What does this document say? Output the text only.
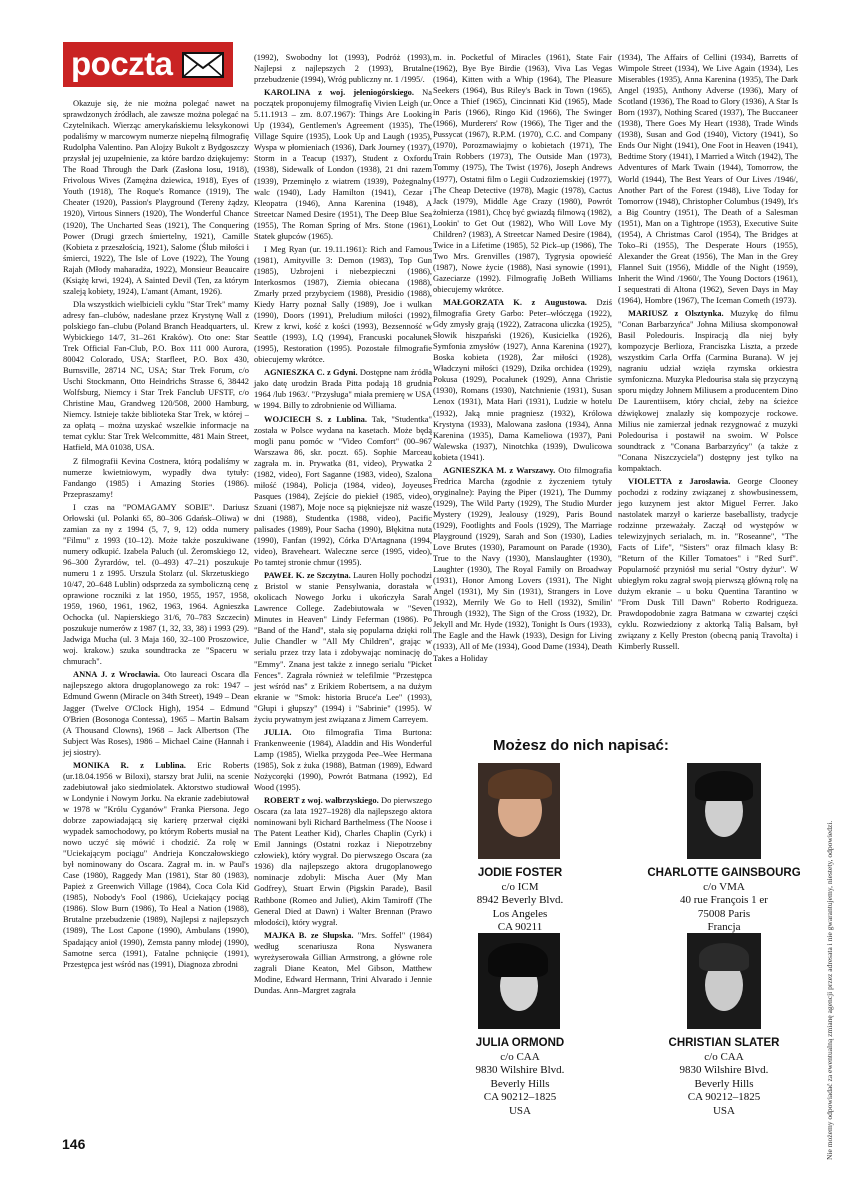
poczta

Okazuje się, że nie można polegać nawet na sprawdzonych źródłach, ale zawsze można polegać na Czytelnikach. Wierząc amerykańskiemu leksykonowi podaliśmy w marcowym numerze niepełną filmografię Rudolpha Valentino. Pan Alojzy Bukolt z Bydgoszczy przysłał jej uzupełnienie, za które bardzo dziękujemy: The Road Through the Dark (Zasłona losu, 1918), Frivolous Wives (Zamężna dziewica, 1918), Eyes of Youth (1918), The Roque's Romance (1919), The Cheater (1920), Passion's Playground (Tereny żądzy, 1920), Virtous Sinners (1920), The Wonderful Chance (1920), The Uncharted Seas (1921), The Conquering Power (Drugi grzech śmiertelny, 1921), Camille (Kobieta z przeszłością, 1921), Salome (Ślub miłości i śmierci, 1922), The Isle of Love (1922), The Young Rajah (Młody maharadża, 1922), Monsieur Beaucaire (Książę krwi, 1924), A Sainted Devil (Ten, za którym szaleją kobiety, 1924), L'amant (Amant, 1926).

Dla wszystkich wielbicieli cyklu "Star Trek" mamy adresy fan–clubów, nadesłane przez Krystynę Wall z polskiego fan–clubu (Poland Branch Headquarters, ul. Wybickiego 14/7, 31–261 Kraków). Oto one: Star Trek Official Fan-Club, P.O. Box 111 000 Aurora, 80042 Colorado, USA; Starfleet, P.O. Box 430, Burnsville, 28714 NC, USA; Star Trek Forum, c/o Uschi Stockmann, Otto Heindrichs Strasse 6, 38442 Wolfsburg, Niemcy i Star Trek Fanclub UFSTF, c/o Christine Mau, Grandweg 120/508, 2000 Hamburg, Niemcy. Istnieje także biblioteka Star Trek, w której – za opłatą – można uzyskać wszelkie informacje na temat cyklu: Star Trek Welcommitte, 481 Main Street, Hatfield, MA 01038, USA.

Z filmografii Kevina Costnera, którą podaliśmy w numerze kwietniowym, wypadły dwa tytuły: Fandango (1985) i Amazing Stories (1986). Przepraszamy!

I czas na "POMAGAMY SOBIE". Dariusz Orłowski (ul. Polanki 65, 80–306 Gdańsk–Oliwa) w zamian za ny z 1994 (5, 7, 9, 12) odda numery "Filmu" z 1993 (10–12). Może także poszukiwane numery odkupić. Izabela Paluch (ul. Żeromskiego 12, 96–300 Żyrardów, tel. (0–493) 47–21) poszukuje numeru 1 z 1995. Urszula Stolarz (ul. Skrzetuskiego 10/47, 20–648 Lublin) odsprzeda za symboliczną cenę oprawione roczniki z lat 1950, 1955, 1957, 1958, 1959, 1960, 1961, 1962, 1963, 1964. Agnieszka Ochocka (ul. Napierskiego 31/6, 70–783 Szczecin) poszukuje numerów z 1987 (1, 32, 33, 38) i 1993 (29). Jadwiga Mucha (ul. 3 Maja 160, 32–100 Proszowice, woj. krakow.) szuka soundtracka ze "Spaceru w chmurach".

ANNA J. z Wrocławia. Oto laureaci Oscara dla najlepszego aktora drugoplanowego za rok: 1947 – Edmund Gwenn (Miracle on 34th Street), 1949 – Dean Jagger (Twelve O'Clock High), 1954 – Edmund O'Brien (Bosonoga Contessa), 1965 – Martin Balsam (A Thousand Clowns), 1968 – Jack Albertson (The Subject Was Roses), 1986 – Michael Caine (Hannah i jej siostry).

MONIKA R. z Lublina. Eric Roberts (ur.18.04.1956 w Biloxi), starszy brat Julii, na scenie zadebiutował jako siedmiolatek. Aktorstwo studiował w Londynie i Nowym Jorku. Na ekranie zadebiutował w 1978 w "Królu Cyganów" Franka Piersona. Jego dobrze zapowiadającą się karierę przerwał ciężki wypadek samochodowy, po którym Roberts musiał na nowo uczyć się mówić i chodzić. Za rolę w "Uciekającym pociągu" Andrieja Konczałowskiego był nominowany do Oscara. Zagrał m. in. w Paul's Case (1980), Raggedy Man (1981), Star 80 (1983), Papież z Greenwich Village (1984), Coca Cola Kid (1985), Nobody's Fool (1986), Uciekający pociąg (1986). Slow Burn (1986), To Heal a Nation (1988), Brutalne przebudzenie (1989), Najlepsi z najlepszych (1989), The Lost Capone (1990), Ambulans (1990), Spadający anioł (1990), Zemsta panny młodej (1990), Samotne serca (1991), Fatalne pchnięcie (1991), Przestępca jest wśród nas (1991), Diagnoza zbrodni

(1992), Swobodny lot (1993), Podróż (1993), Najlepsi z najlepszych 2 (1993), Brutalne przebudzenie (1994), Wróg publiczny nr. 1 /1995/.

KAROLINA z woj. jeleniogórskiego. Na początek proponujemy filmografię Vivien Leigh (ur. 5.11.1913 – zm. 8.07.1967): Things Are Looking Up (1934), Gentlemen's Agreement (1935), The Village Squire (1935), Look Up and Laugh (1935), Wyspa w płomieniach (1936), Dark Journey (1937), Storm in a Teacup (1937), Student z Oxfordu (1938), Sidewalk of London (1938), 21 dni razem (1939), Przeminęło z wiatrem (1939), Pożegnalny walc (1940), Lady Hamilton (1941), Cezar i Kleopatra (1946), Anna Karenina (1948), A Streetcar Named Desire (1951), The Deep Blue Sea (1955), The Roman Spring of Mrs. Stone (1961), Statek głupców (1965).

I Meg Ryan (ur. 19.11.1961): Rich and Famous (1981), Amityville 3: Demon (1983), Top Gun (1985), Uzbrojeni i niebezpieczni (1986), Interkosmos (1987), Ziemia obiecana (1988), Zmarły przed przybyciem (1988), Presidio (1988), Kiedy Harry poznał Sally (1989), Joe i wulkan (1990), Doors (1991), Preludium miłości (1992), Krew z krwi, kość z kości (1993), Bezsenność w Seattle (1993), I.Q (1994), Francuski pocałunek (1995), Restoration (1995). Pozostałe filmografie obiecujemy wkrótce.

AGNIESZKA C. z Gdyni. Dostępne nam źródła jako datę urodzin Brada Pitta podają 18 grudnia 1964 /lub 1963/. "Przysługa" miała premierę w USA w 1994. Billy to zdrobnienie od Williama.

WOJCIECH S. z Lublina. Tak, "Studentka" została w Polsce wydana na kasetach. Może będą mogli panu pomóc w "Video Comfort" (00–967 Warszawa 86, skr. poczt. 65). Sophie Marceau zagrała m. in. Prywatka (81, video), Prywatka 2 (1982, video), Fort Saganne (1983, video), Szalona miłość (1984), Policja (1984, video), Joyeuses Pasques (1984), Zejście do piekieł (1985, video), Szuani (1987), Moje noce są piękniejsze niż wasze dni (1988), Studentka (1988, video), Pacific palisades (1989), Pour Sacha (1990), Błękitna nuta (1990), Fanfan (1992), Córka D'Artagnana (1994, video), Braveheart. Waleczne serce (1995, video), Po tamtej stronie chmur (1995).

PAWEŁ K. ze Szczytna. Lauren Holly pochodzi z Bristol w stanie Pensylwania, dorastała w okolicach Nowego Jorku i ukończyła Sarah Lawrence College. Zadebiutowała w "Seven Minutes in Heaven" Lindy Feferman (1986). Po "Band of the Hand", stała się popularna dzięki roli Julie Chandler w "All My Children", grając w serialu przez trzy lata i zdobywając nominację do "Emmy". Znana jest także z innego serialu "Picket Fences". Zagrała również w telefilmie "Przestępca jest wśród nas" z Erikiem Robertsem, a na dużym ekranie w "Smok: historia Bruce'a Lee" (1993), "Głupi i głupszy" (1994) i "Sabrinie" (1995). W życiu prywatnym jest związana z Jimem Carreyem.

JULIA. Oto filmografia Tima Burtona: Frankenweenie (1984), Aladdin and His Wonderful Lamp (1985), Wielka przygoda Pee–Wee Hermana (1985), Sok z żuka (1988), Batman (1989), Edward Nożycoręki (1990), Powrót Batmana (1992), Ed Wood (1995).

ROBERT z woj. wałbrzyskiego. Do pierwszego Oscara (za lata 1927–1928) dla najlepszego aktora nominowani byli Richard Barthelmess (The Noose i The Patent Leather Kid), Charles Chaplin (Cyrk) i Emil Jannings (Ostatni rozkaz i Niepotrzebny człowiek), który wygrał. Do pierwszego Oscara (za 1936) dla najlepszego aktora drugoplanowego nominacje zdobyli: Mischa Auer (My Man Godfrey), Stuart Erwin (Pigskin Parade), Basil Rathbone (Romeo and Juliet), Akim Tamiroff (The General Died at Dawn) i Walter Brennan (Prawo młodości), który wygrał.

MAJKA B. ze Słupska. "Mrs. Soffel" (1984) według scenariusza Rona Nyswanera wyreżyserowała Gillian Armstrong, a główne role zagrali Diane Keaton, Mel Gibson, Matthew Modine, Edward Hermann, Trini Alvarado i Jennie Dundas. Ann–Margret zagrała

m. in. Pocketful of Miracles (1961), State Fair (1962), Bye Bye Birdie (1963), Viva Las Vegas (1964), Kitten with a Whip (1964), The Pleasure Seekers (1964), Bus Riley's Back in Town (1965), Once a Thief (1965), Cincinnati Kid (1965), Made in Paris (1966), Ringo Kid (1966), The Swinger (1966), Murderers' Row (1966), The Tiger and the Pussycat (1967), R.P.M. (1970), C.C. and Company (1970), Porozmawiajmy o kobietach (1971), The Train Robbers (1973), The Outside Man (1973), Tommy (1975), The Twist (1976), Joseph Andrews (1977), Ostatni film o Legii Cudzoziemskiej (1977), The Cheap Detective (1978), Magic (1978), Cactus Jack (1979), Middle Age Crazy (1980), Powrót żołnierza (1981), Chcę być gwiazdą filmową (1982), Lookin' to Get Out (1982), Who Will Love My Children? (1983), A Streetcar Named Desire (1984), Twice in a Lifetime (1985), 52 Pick–up (1986), The Two Mrs. Grenvilles (1987), Tygrysia opowieść (1987), Nowe życie (1988), Nasi synowie (1991), Gazeciarze (1992). Filmografię JoBeth Williams obiecujemy wkrótce.

MAŁGORZATA K. z Augustowa. Dziś filmografia Grety Garbo: Peter–włóczęga (1922), Gdy zmysły grają (1922), Zatracona uliczka (1925), Słowik hiszpański (1926), Kusicielka (1926), Symfonia zmysłów (1927), Anna Karenina (1927), Boska kobieta (1928), Żar miłości (1928), Władczyni miłości (1929), Dzika orchidea (1929), Pokusa (1929), Pocałunek (1929), Anna Christie (1930), Romans (1930), Natchnienie (1931), Susan Lenox (1931), Mata Hari (1931), Ludzie w hotelu (1932), Jaką mnie pragniesz (1932), Królowa Krystyna (1933), Malowana zasłona (1934), Anna Karenina (1935), Dama Kameliowa (1937), Pani Walewska (1937), Ninotchka (1939), Dwulicowa kobieta (1941).

AGNIESZKA M. z Warszawy. Oto filmografia Fredrica Marcha (zgodnie z życzeniem tytuły oryginalne): Paying the Piper (1921), The Dummy (1929), The Wild Party (1929), The Studio Murder Mystery (1929), Jealousy (1929), Paris Bound (1929), Footlights and Fools (1929), The Marriage Playground (1929), Sarah and Son (1930), Ladies Love Brutes (1930), Paramount on Parade (1930), True to the Navy (1930), Manslaughter (1930), Laughter (1930), The Royal Family on Broadway (1931), Honor Among Lovers (1931), The Night Angel (1931), My Sin (1931), Strangers in Love (1932), Merrily We Go to Hell (1932), Smilin' Through (1932), The Sign of the Cross (1932), Dr. Jekyll and Mr. Hyde (1932), Tonight Is Ours (1933), The Eagle and the Hawk (1933), Design for Living (1933), All of Me (1934), Good Dame (1934), Death Takes a Holiday

(1934), The Affairs of Cellini (1934), Barretts of Wimpole Street (1934), We Live Again (1934), Les Miserables (1935), Anna Karenina (1935), The Dark Angel (1935), Anthony Adverse (1936), Mary of Scotland (1936), The Road to Glory (1936), A Star Is Born (1937), Nothing Scared (1937), The Buccaneer (1938), There Goes My Heart (1938), Trade Winds (1938), Susan and God (1940), Victory (1941), So Ends Our Night (1941), One Foot in Heaven (1941), Bedtime Story (1941), I Married a Witch (1942), The Adventures of Mark Twain (1944), Tomorrow, the World (1944), The Best Years of Our Lives /1946/, Another Part of the Forest (1948), Live Today for Tomorrow (1948), Christopher Columbus (1949), It's a Big Country (1951), The Death of a Salesman (1951), Man on a Tightrope (1953), Executive Suite (1954), A Christmas Carol (1954), The Bridges at Toko–Ri (1955), The Desperate Hours (1955), Alexander the Great (1956), The Man in the Grey Flannel Suit (1956), Middle of the Night (1959), Inherit the Wind /1960/, The Young Doctors (1961), I sequestrati di Altona (1962), Seven Days in May (1964), Hombre (1967), The Iceman Cometh (1973).

MARIUSZ z Olsztynka. Muzykę do filmu "Conan Barbarzyńca" Johna Miliusa skomponował Basil Poledouris. Inspiracją dla niej były kompozycje Berlioza, Franciszka Liszta, a przede wszystkim Carla Orffa (Carmina Burana). W jej nagraniu udział wzięła rzymska orkiestra symfoniczna. Muzyka Pledourisa stała się przyczyną sporu między Johnem Miliusem a producentem Dino De Laurentiisem, który chciał, żeby na ścieżce dźwiękowej znalazły się kompozycje rockowe. Milius nie zamierzał jednak rezygnować z muzyki Poledourisa i postawił na swoim. W Polsce soundtrack z "Conana Barbarzyńcy" (a także z "Conana Niszczyciela") dostępny jest tylko na kompaktach.

VIOLETTA z Jarosławia. George Clooney pochodzi z rodziny związanej z showbusinessem, jego kuzynem jest aktor Miguel Ferrer. Jako nastolatek marzył o karierze baseballisty, tradycje rodzinne przeważały. Zaczął od występów w telewizyjnych serialach, m. in. "Roseanne", "The Facts of Life", "Sisters" oraz filmach klasy B: "Return of the Killer Tomatoes" i "Red Surf". Popularność przyniósł mu serial "Ostry dyżur". W ubiegłym roku zagrał swoją pierwszą główną rolę na dużym ekranie – u boku Quentina Tarantino w "From Dusk Till Dawn" Roberto Rodrigueza. Prawdopodobnie zagra Batmana w czwartej części cyklu. Rozwiedziony z aktorką Talią Balsam, był związany z Kelly Preston (obecną panią Travolta) i Kimberly Russell.

146
Możesz do nich napisać:
JODIE FOSTER
c/o ICM
8942 Beverly Blvd.
Los Angeles
CA 90211
CHARLOTTE GAINSBOURG
c/o VMA
40 rue François 1 er
75008 Paris
Francja
JULIA ORMOND
c/o CAA
9830 Wilshire Blvd.
Beverly Hills
CA 90212–1825
USA
CHRISTIAN SLATER
c/o CAA
9830 Wilshire Blvd.
Beverly Hills
CA 90212–1825
USA	Nie możemy odpowiadać za ewentualną zmianę agencji przez adresata i nie gwarantujemy, niestety, odpowiedzi.
